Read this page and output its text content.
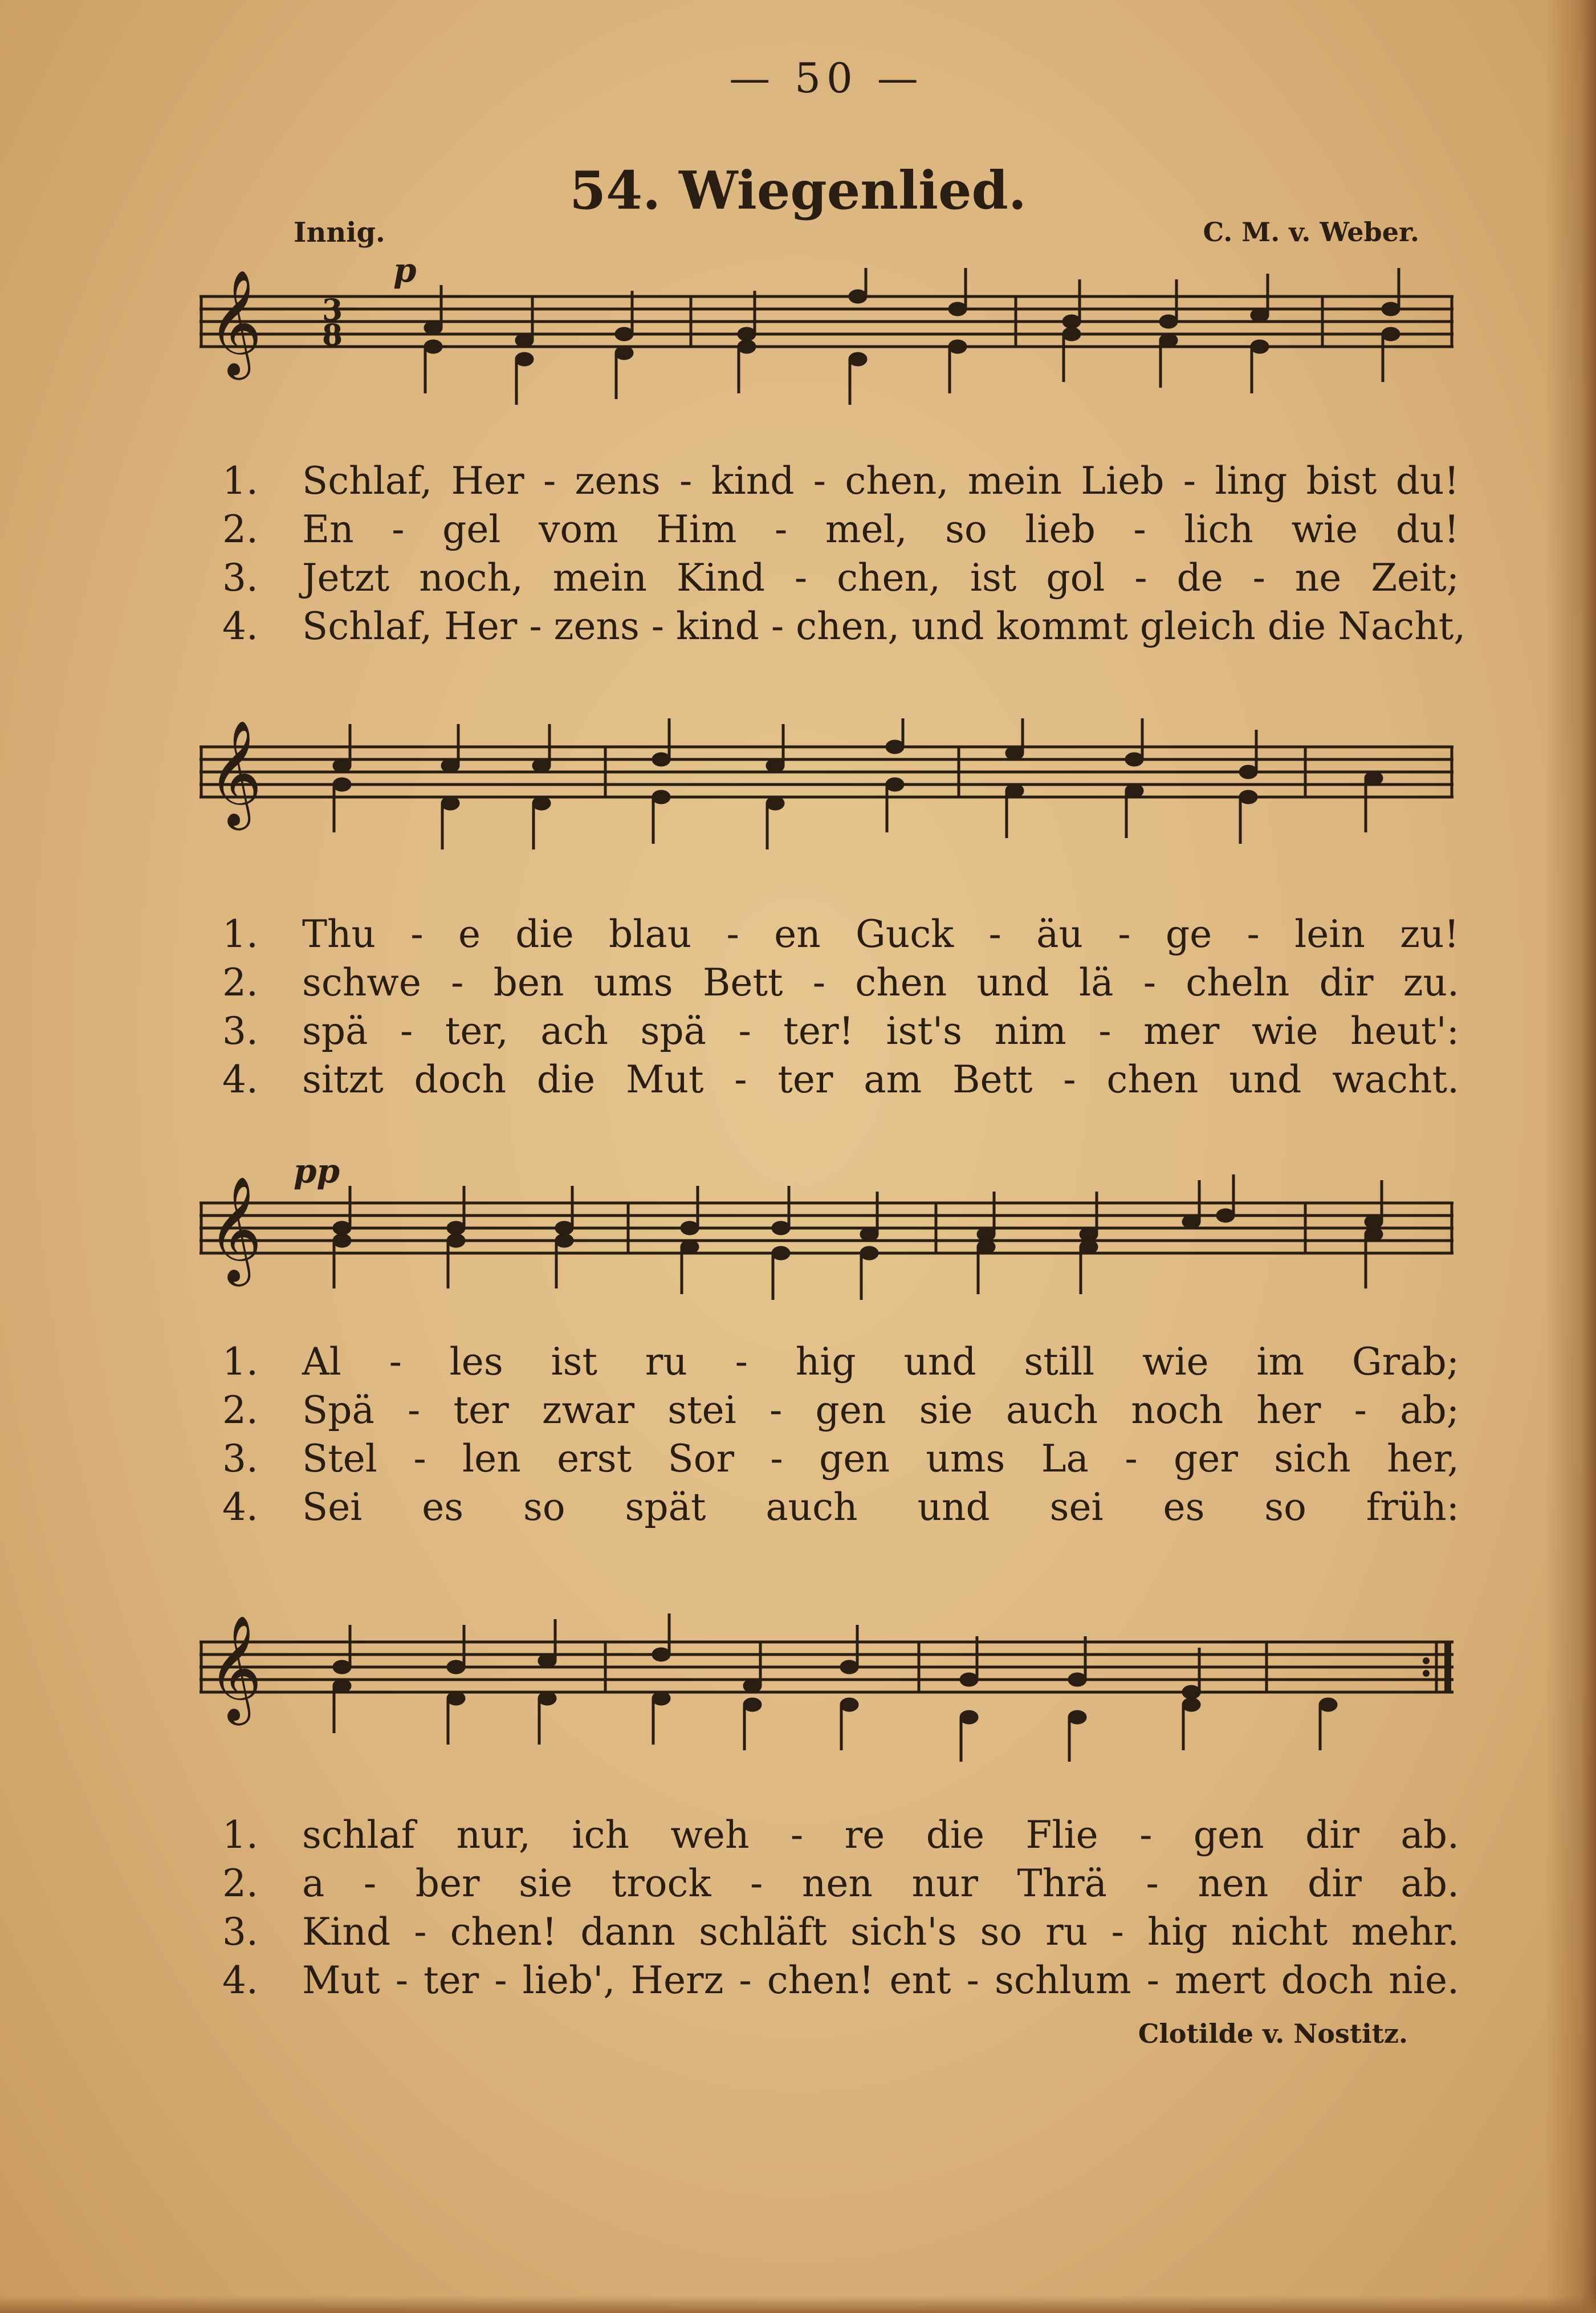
— 50 —
54. Wiegenlied.
Innig.	C. M. v. Weber.
p
pp
𝄞 3
8
1. Schlaf, Her - zens - kind - chen, mein Lieb - ling bist du!
2. En - gel vom Him - mel, so lieb - lich wie du!
3. Jetzt noch, mein Kind - chen, ist gol - de - ne Zeit;
4. Schlaf, Her - zens - kind - chen, und kommt gleich die Nacht,
𝄞
1. Thu - e die blau - en Guck - äu - ge - lein zu!
2. schwe - ben ums Bett - chen und lä - cheln dir zu.
3. spä - ter, ach spä - ter! ist's nim - mer wie heut':
4. sitzt doch die Mut - ter am Bett - chen und wacht.
𝄞
1. Al - les ist ru - hig und still wie im Grab;
2. Spä - ter zwar stei - gen sie auch noch her - ab;
3. Stel - len erst Sor - gen ums La - ger sich her,
4. Sei es so spät auch und sei es so früh:
𝄞
1. schlaf nur, ich weh - re die Flie - gen dir ab.
2. a - ber sie trock - nen nur Thrä - nen dir ab.
3. Kind - chen! dann schläft sich's so ru - hig nicht mehr.
4. Mut - ter - lieb', Herz - chen! ent - schlum - mert doch nie.
Clotilde v. Nostitz.
